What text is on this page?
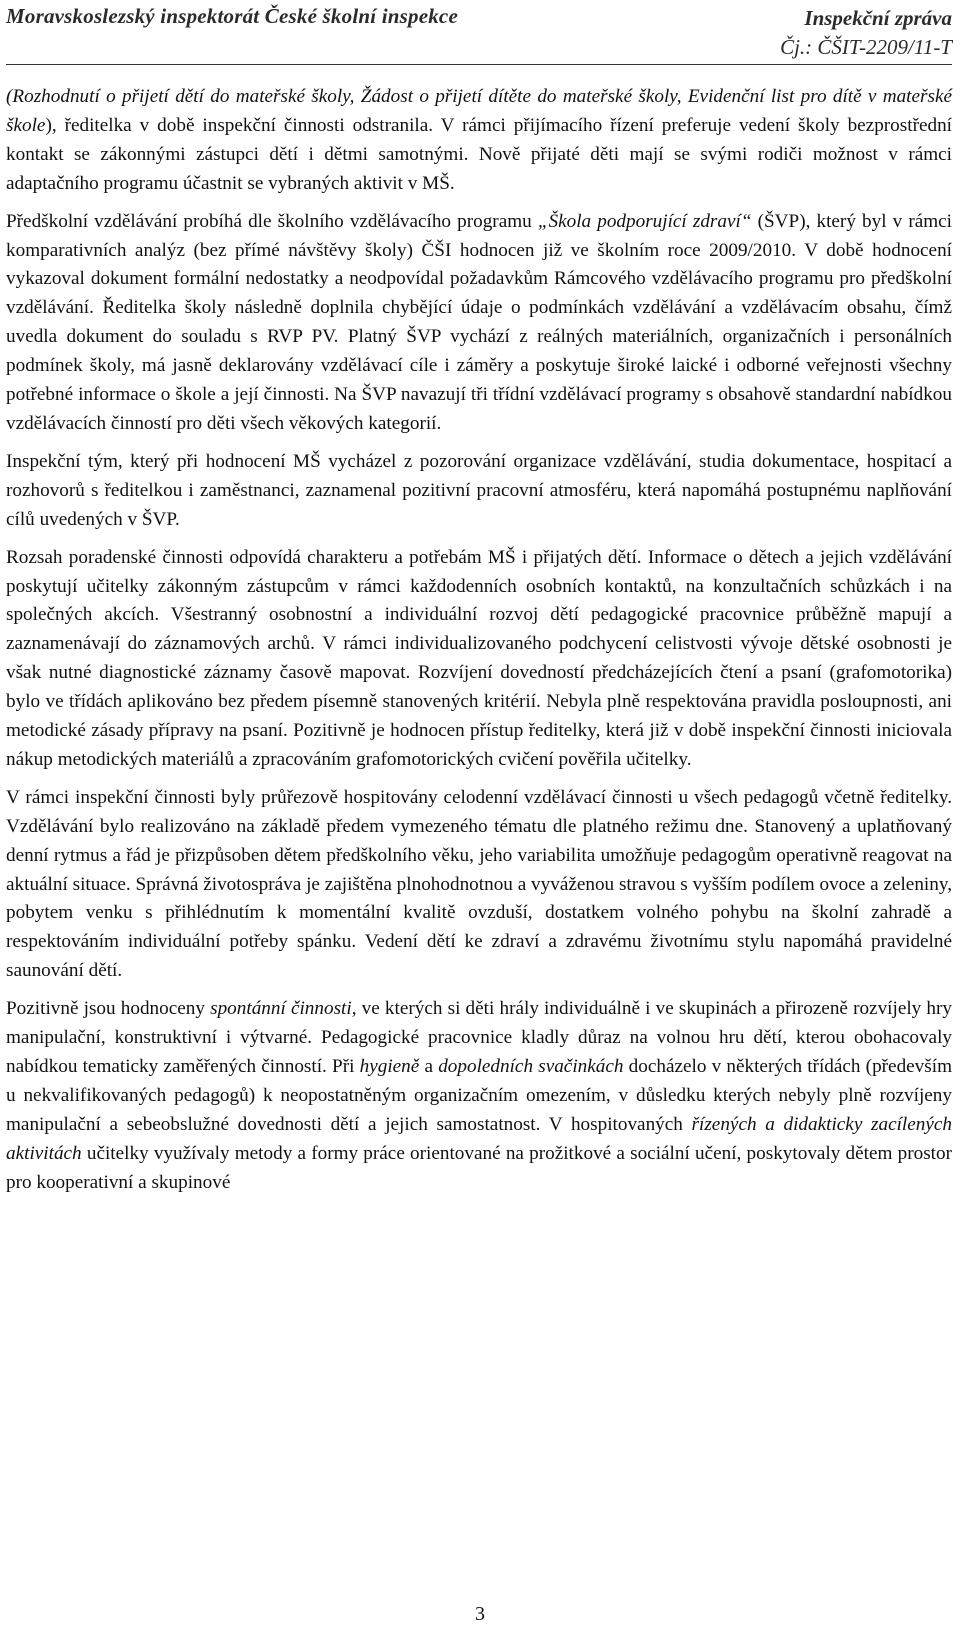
Moravskoslezský inspektorát České školní inspekce	Inspekční zpráva
Čj.: ČŠIT-2209/11-T

(Rozhodnutí o přijetí dětí do mateřské školy, Žádost o přijetí dítěte do mateřské školy, Evidenční list pro dítě v mateřské škole), ředitelka v době inspekční činnosti odstranila. V rámci přijímacího řízení preferuje vedení školy bezprostřední kontakt se zákonnými zástupci dětí i dětmi samotnými. Nově přijaté děti mají se svými rodiči možnost v rámci adaptačního programu účastnit se vybraných aktivit v MŠ.

Předškolní vzdělávání probíhá dle školního vzdělávacího programu „Škola podporující zdraví“ (ŠVP), který byl v rámci komparativních analýz (bez přímé návštěvy školy) ČŠI hodnocen již ve školním roce 2009/2010. V době hodnocení vykazoval dokument formální nedostatky a neodpovídal požadavkům Rámcového vzdělávacího programu pro předškolní vzdělávání. Ředitelka školy následně doplnila chybějící údaje o podmínkách vzdělávání a vzdělávacím obsahu, čímž uvedla dokument do souladu s RVP PV. Platný ŠVP vychází z reálných materiálních, organizačních i personálních podmínek školy, má jasně deklarovány vzdělávací cíle i záměry a poskytuje široké laické i odborné veřejnosti všechny potřebné informace o škole a její činnosti. Na ŠVP navazují tři třídní vzdělávací programy s obsahově standardní nabídkou vzdělávacích činností pro děti všech věkových kategorií.

Inspekční tým, který při hodnocení MŠ vycházel z pozorování organizace vzdělávání, studia dokumentace, hospitací a rozhovorů s ředitelkou i zaměstnanci, zaznamenal pozitivní pracovní atmosféru, která napomáhá postupnému naplňování cílů uvedených v ŠVP.

Rozsah poradenské činnosti odpovídá charakteru a potřebám MŠ i přijatých dětí. Informace o dětech a jejich vzdělávání poskytují učitelky zákonným zástupcům v rámci každodenních osobních kontaktů, na konzultačních schůzkách i na společných akcích. Všestranný osobnostní a individuální rozvoj dětí pedagogické pracovnice průběžně mapují a zaznamenávají do záznamových archů. V rámci individualizovaného podchycení celistvosti vývoje dětské osobnosti je však nutné diagnostické záznamy časově mapovat. Rozvíjení dovedností předcházejících čtení a psaní (grafomotorika) bylo ve třídách aplikováno bez předem písemně stanovených kritérií. Nebyla plně respektována pravidla posloupnosti, ani metodické zásady přípravy na psaní. Pozitivně je hodnocen přístup ředitelky, která již v době inspekční činnosti iniciovala nákup metodických materiálů a zpracováním grafomotorických cvičení pověřila učitelky.

V rámci inspekční činnosti byly průřezově hospitovány celodenní vzdělávací činnosti u všech pedagogů včetně ředitelky. Vzdělávání bylo realizováno na základě předem vymezeného tématu dle platného režimu dne. Stanovený a uplatňovaný denní rytmus a řád je přizpůsoben dětem předškolního věku, jeho variabilita umožňuje pedagogům operativně reagovat na aktuální situace. Správná životospráva je zajištěna plnohodnotnou a vyváženou stravou s vyšším podílem ovoce a zeleniny, pobytem venku s přihlédnutím k momentální kvalitě ovzduší, dostatkem volného pohybu na školní zahradě a respektováním individuální potřeby spánku. Vedení dětí ke zdraví a zdravému životnímu stylu napomáhá pravidelné saunování dětí.

Pozitivně jsou hodnoceny spontánní činnosti, ve kterých si děti hrály individuálně i ve skupinách a přirozeně rozvíjely hry manipulační, konstruktivní i výtvarné. Pedagogické pracovnice kladly důraz na volnou hru dětí, kterou obohacovaly nabídkou tematicky zaměřených činností. Při hygieně a dopoledních svačinkách docházelo v některých třídách (především u nekvalifikovaných pedagogů) k neopostatněným organizačním omezením, v důsledku kterých nebyly plně rozvíjeny manipulační a sebeobslužné dovednosti dětí a jejich samostatnost. V hospitovaných řízených a didakticky zacílených aktivitách učitelky využívaly metody a formy práce orientované na prožitkové a sociální učení, poskytovaly dětem prostor pro kooperativní a skupinové

3
